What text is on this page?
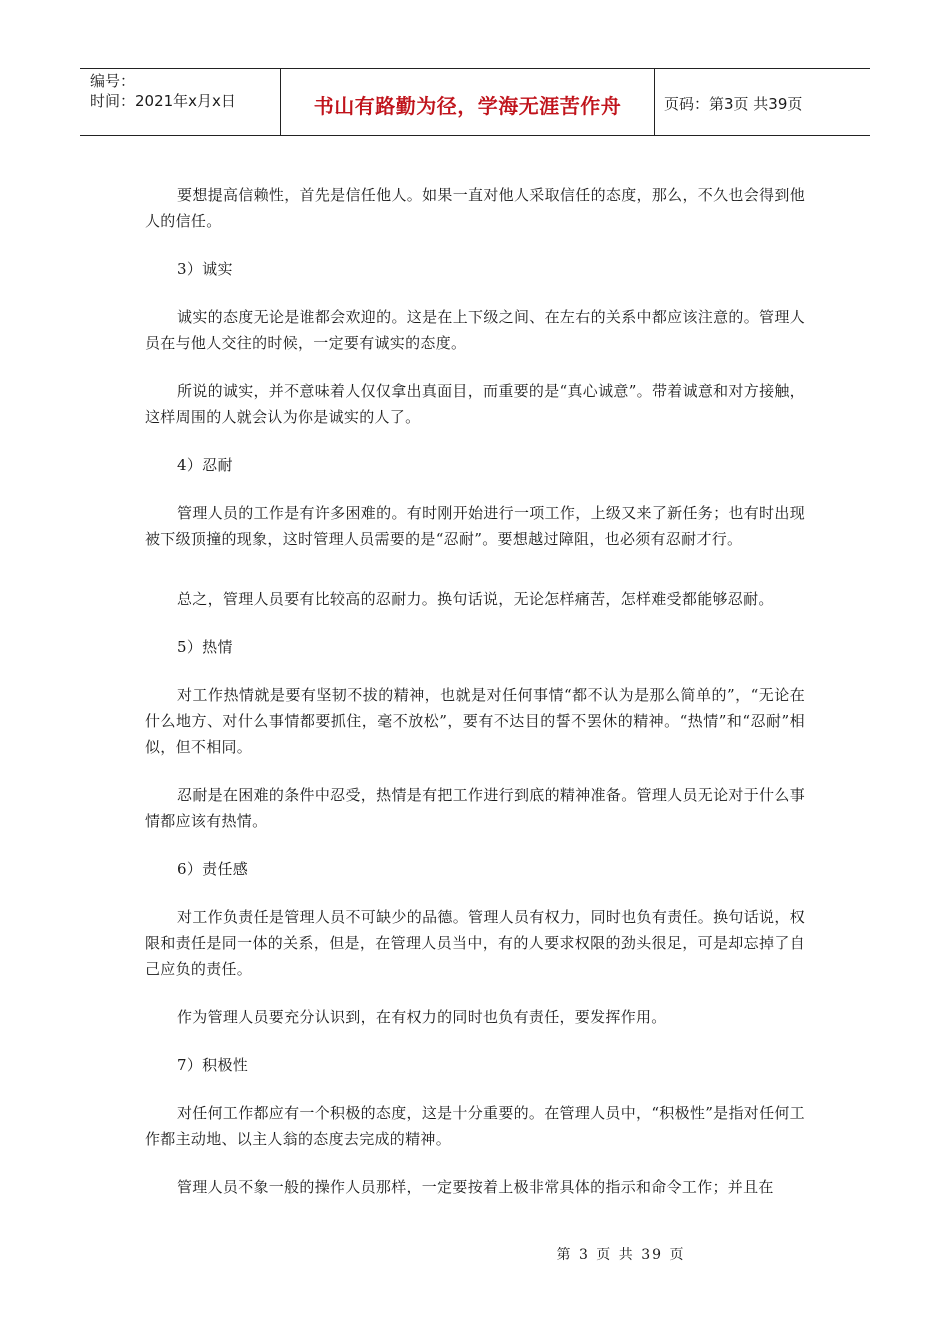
编号：
时间：2021年x月x日	书山有路勤为径，学海无涯苦作舟	页码：第3页 共39页

要想提高信赖性，首先是信任他人。如果一直对他人采取信任的态度，那么，不久也会得到他人的信任。

3）诚实

诚实的态度无论是谁都会欢迎的。这是在上下级之间、在左右的关系中都应该注意的。管理人员在与他人交往的时候，一定要有诚实的态度。

所说的诚实，并不意味着人仅仅拿出真面目，而重要的是“真心诚意”。带着诚意和对方接触，这样周围的人就会认为你是诚实的人了。

4）忍耐

管理人员的工作是有许多困难的。有时刚开始进行一项工作，上级又来了新任务；也有时出现被下级顶撞的现象，这时管理人员需要的是“忍耐”。要想越过障阻，也必须有忍耐才行。

总之，管理人员要有比较高的忍耐力。换句话说，无论怎样痛苦，怎样难受都能够忍耐。

5）热情

对工作热情就是要有坚韧不拔的精神，也就是对任何事情“都不认为是那么简单的”，“无论在什么地方、对什么事情都要抓住，毫不放松”，要有不达目的誓不罢休的精神。“热情”和“忍耐”相似，但不相同。

忍耐是在困难的条件中忍受，热情是有把工作进行到底的精神准备。管理人员无论对于什么事情都应该有热情。

6）责任感

对工作负责任是管理人员不可缺少的品德。管理人员有权力，同时也负有责任。换句话说，权限和责任是同一体的关系，但是，在管理人员当中，有的人要求权限的劲头很足，可是却忘掉了自己应负的责任。

作为管理人员要充分认识到，在有权力的同时也负有责任，要发挥作用。

7）积极性

对任何工作都应有一个积极的态度，这是十分重要的。在管理人员中，“积极性”是指对任何工作都主动地、以主人翁的态度去完成的精神。

管理人员不象一般的操作人员那样，一定要按着上极非常具体的指示和命令工作；并且在

第 3 页 共 39 页
